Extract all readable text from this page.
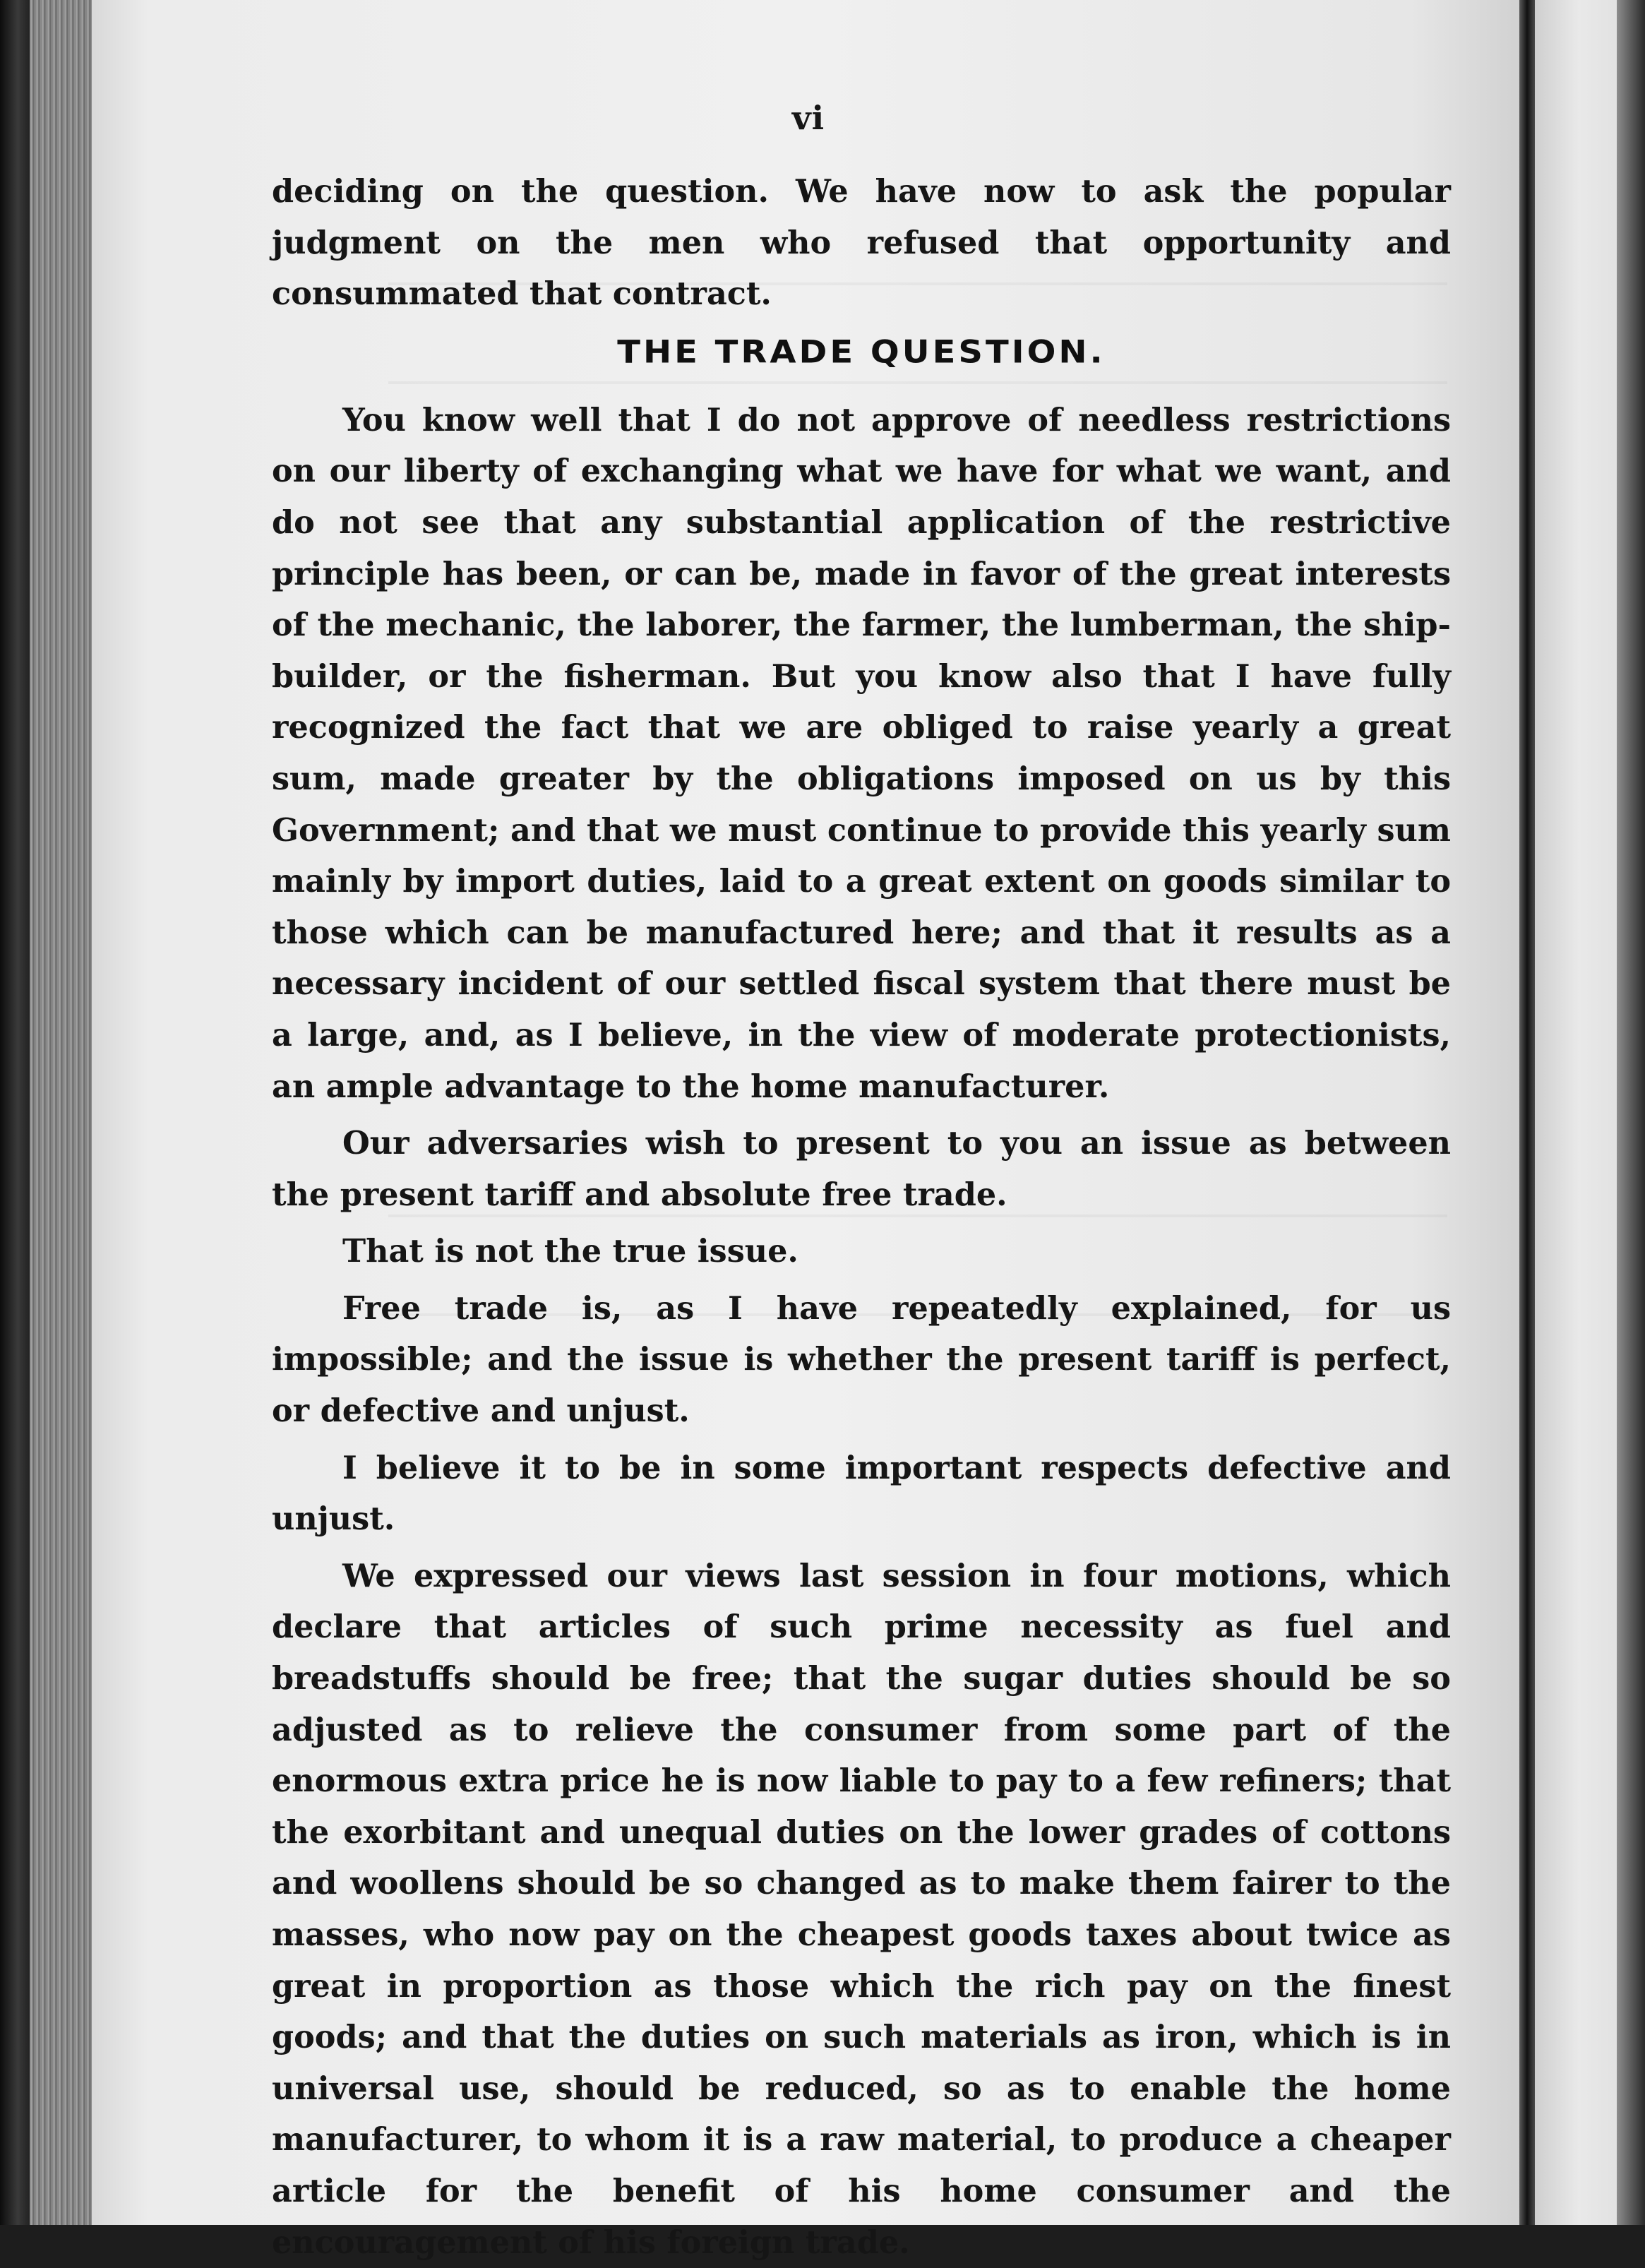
vi

deciding on the question. We have now to ask the popular judgment on the men who refused that opportunity and consummated that contract.

THE TRADE QUESTION.

You know well that I do not approve of needless restrictions on our liberty of exchanging what we have for what we want, and do not see that any substantial application of the restrictive principle has been, or can be, made in favor of the great interests of the mechanic, the laborer, the farmer, the lumberman, the ship-builder, or the fisherman. But you know also that I have fully recognized the fact that we are obliged to raise yearly a great sum, made greater by the obligations imposed on us by this Government; and that we must continue to provide this yearly sum mainly by import duties, laid to a great extent on goods similar to those which can be manufactured here; and that it results as a necessary incident of our settled fiscal system that there must be a large, and, as I believe, in the view of moderate protectionists, an ample advantage to the home manufacturer.

Our adversaries wish to present to you an issue as between the present tariff and absolute free trade.

That is not the true issue.

Free trade is, as I have repeatedly explained, for us impossible; and the issue is whether the present tariff is perfect, or defective and unjust.

I believe it to be in some important respects defective and unjust.

We expressed our views last session in four motions, which declare that articles of such prime necessity as fuel and breadstuffs should be free; that the sugar duties should be so adjusted as to relieve the consumer from some part of the enormous extra price he is now liable to pay to a few refiners; that the exorbitant and unequal duties on the lower grades of cottons and woollens should be so changed as to make them fairer to the masses, who now pay on the cheapest goods taxes about twice as great in proportion as those which the rich pay on the finest goods; and that the duties on such materials as iron, which is in universal use, should be reduced, so as to enable the home manufacturer, to whom it is a raw material, to produce a cheaper article for the benefit of his home consumer and the encouragement of his foreign trade.
